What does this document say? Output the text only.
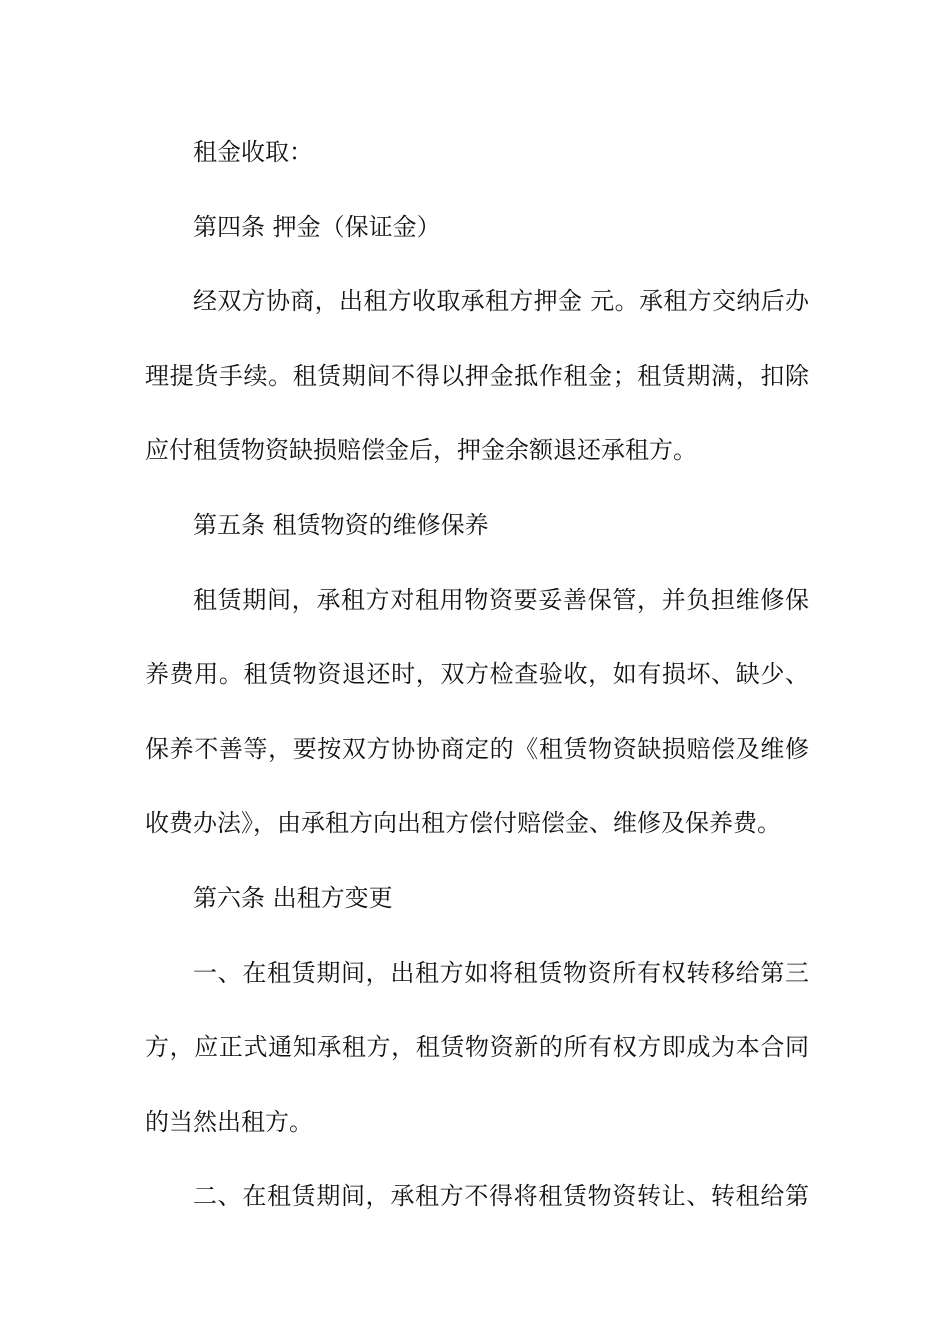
租金收取：
第四条 押金（保证金）
经双方协商，出租方收取承租方押金 元。承租方交纳后办
理提货手续。租赁期间不得以押金抵作租金；租赁期满，扣除
应付租赁物资缺损赔偿金后，押金余额退还承租方。
第五条 租赁物资的维修保养
租赁期间，承租方对租用物资要妥善保管，并负担维修保
养费用。租赁物资退还时，双方检查验收，如有损坏、缺少、
保养不善等，要按双方协协商定的《租赁物资缺损赔偿及维修
收费办法》，由承租方向出租方偿付赔偿金、维修及保养费。
第六条 出租方变更
一、在租赁期间，出租方如将租赁物资所有权转移给第三
方，应正式通知承租方，租赁物资新的所有权方即成为本合同
的当然出租方。
二、在租赁期间，承租方不得将租赁物资转让、转租给第
